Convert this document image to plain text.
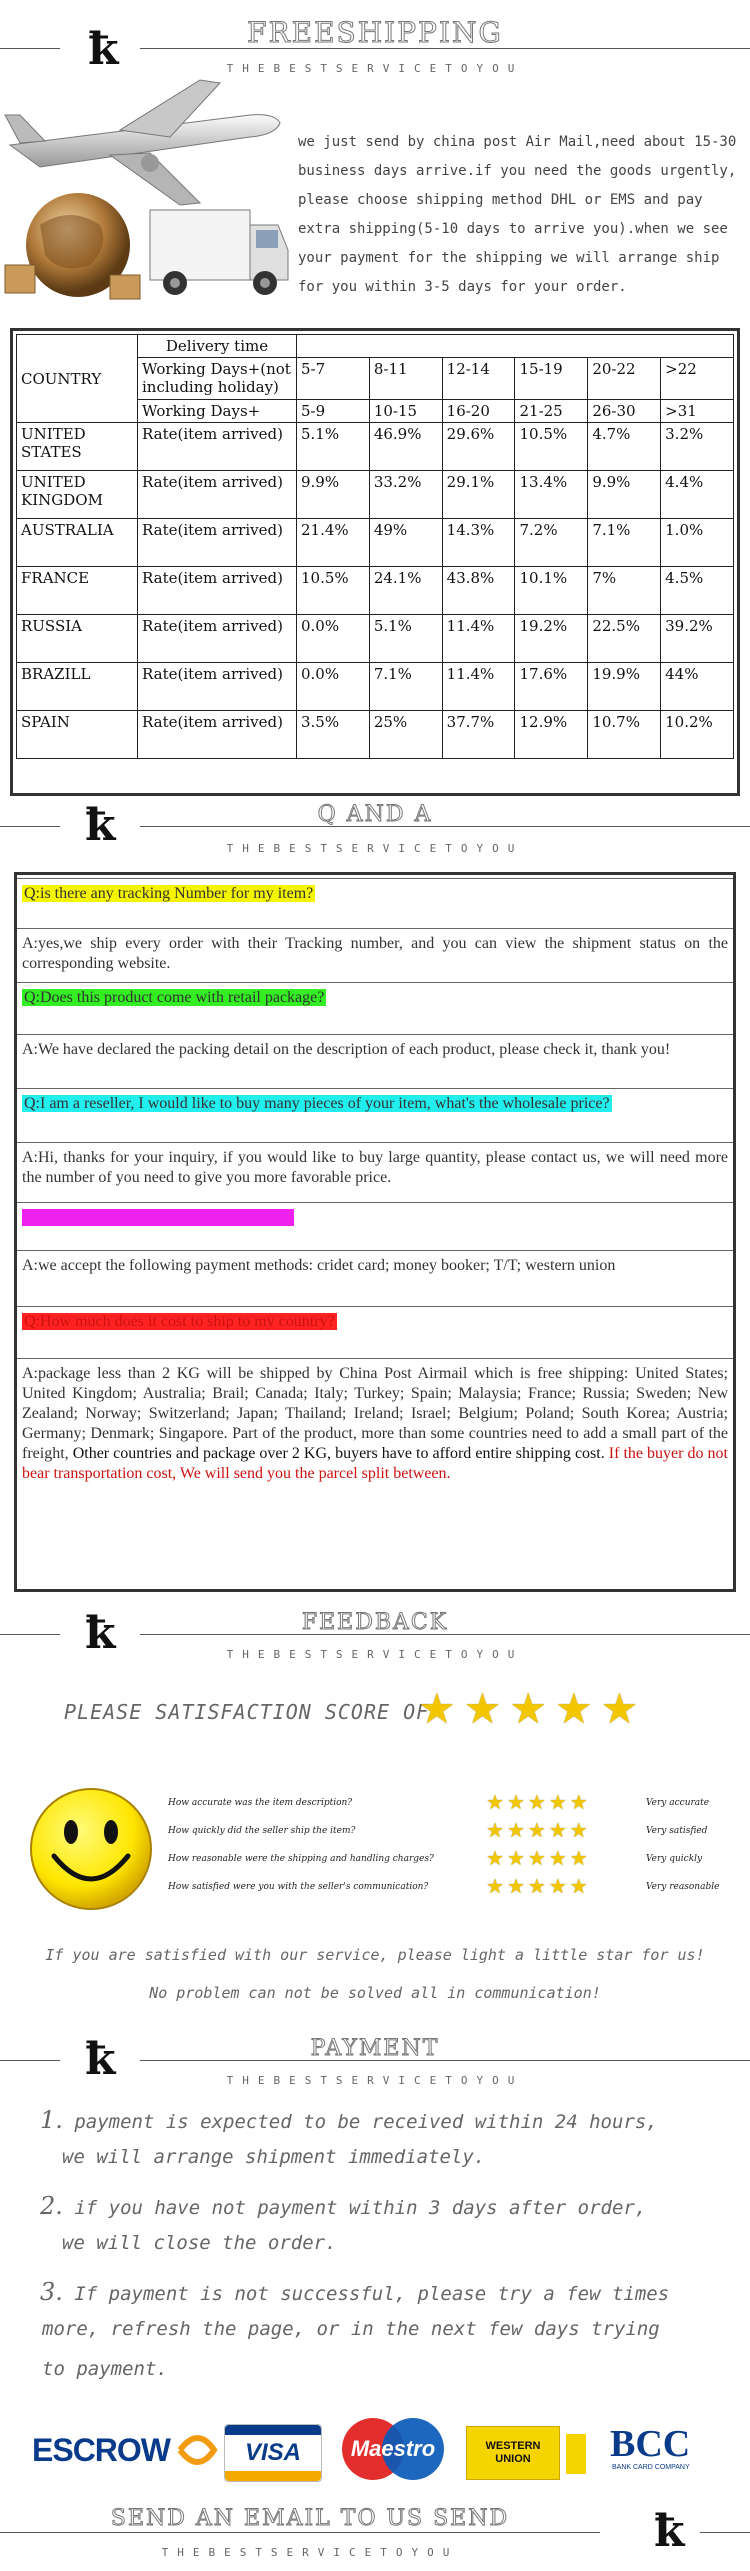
ꝁ	FREESHIPPING
THEBESTSERVICETOYOU
we just send by china post Air Mail,need about 15-30 business days arrive.if you need the goods urgently, please choose shipping method DHL or EMS and pay extra shipping(5-10 days to arrive you).when we see your payment for the shipping we will arrange ship for you within 3-5 days for your order.
COUNTRY	Delivery time						
	Working Days+(not including holiday)	5-7	8-11	12-14	15-19	20-22	>22
	Working Days+	5-9	10-15	16-20	21-25	26-30	>31
UNITED STATES	Rate(item arrived)	5.1%	46.9%	29.6%	10.5%	4.7%	3.2%
UNITED KINGDOM	Rate(item arrived)	9.9%	33.2%	29.1%	13.4%	9.9%	4.4%
AUSTRALIA	Rate(item arrived)	21.4%	49%	14.3%	7.2%	7.1%	1.0%
FRANCE	Rate(item arrived)	10.5%	24.1%	43.8%	10.1%	7%	4.5%
RUSSIA	Rate(item arrived)	0.0%	5.1%	11.4%	19.2%	22.5%	39.2%
BRAZILL	Rate(item arrived)	0.0%	7.1%	11.4%	17.6%	19.9%	44%
SPAIN	Rate(item arrived)	3.5%	25%	37.7%	12.9%	10.7%	10.2%
ꝁ	Q AND A
THEBESTSERVICETOYOU
Q:is there any tracking Number for my item?
A:yes,we ship every order with their Tracking number, and you can view the shipment status on the corresponding website.
Q:Does this product come with retail package?
A:We have declared the packing detail on the description of each product, please check it, thank you!
Q:I am a reseller, I would like to buy many pieces of your item, what's the wholesale price?
A:Hi, thanks for your inquiry, if you would like to buy large quantity, please contact us, we will need more the number of you need to give you more favorable price.
Q:What payment methods do you accept?
A:we accept the following payment methods: cridet card; money booker; T/T; western union
Q:How much does it cost to ship to my country?
A:package less than 2 KG will be shipped by China Post Airmail which is free shipping: United States; United Kingdom; Australia; Brail; Canada; Italy; Turkey; Spain; Malaysia; France; Russia; Sweden; New Zealand; Norway; Switzerland; Japan; Thailand; Ireland; Israel; Belgium; Poland; South Korea; Austria; Germany; Denmark; Singapore. Part of the product, more than some countries need to add a small part of the freight, Other countries and package over 2 KG, buyers have to afford entire shipping cost. If the buyer do not bear transportation cost, We will send you the parcel split between.
ꝁ	FEEDBACK
THEBESTSERVICETOYOU
PLEASE SATISFACTION SCORE OF
★★★★★
How accurate was the item description?	★★★★★	Very accurate
How quickly did the seller ship the item?	★★★★★	Very satisfied
How reasonable were the shipping and handling charges?	★★★★★	Very quickly
How satisfied were you with the seller's communication?	★★★★★	Very reasonable
If you are satisfied with our service, please light a little star for us!
No problem can not be solved all in communication!
ꝁ	PAYMENT
THEBESTSERVICETOYOU
1. payment is expected to be received within 24 hours,
we will arrange shipment immediately.
2. if you have not payment within 3 days after order,
we will close the order.
3. If payment is not successful, please try a few times
more, refresh the page, or in the next few days trying
to payment.
ESCROW	VISA	Maestro	WESTERN
UNION	BCC
BANK CARD COMPANY
ꝁ
SEND AN EMAIL TO US SEND
THEBESTSERVICETOYOU
